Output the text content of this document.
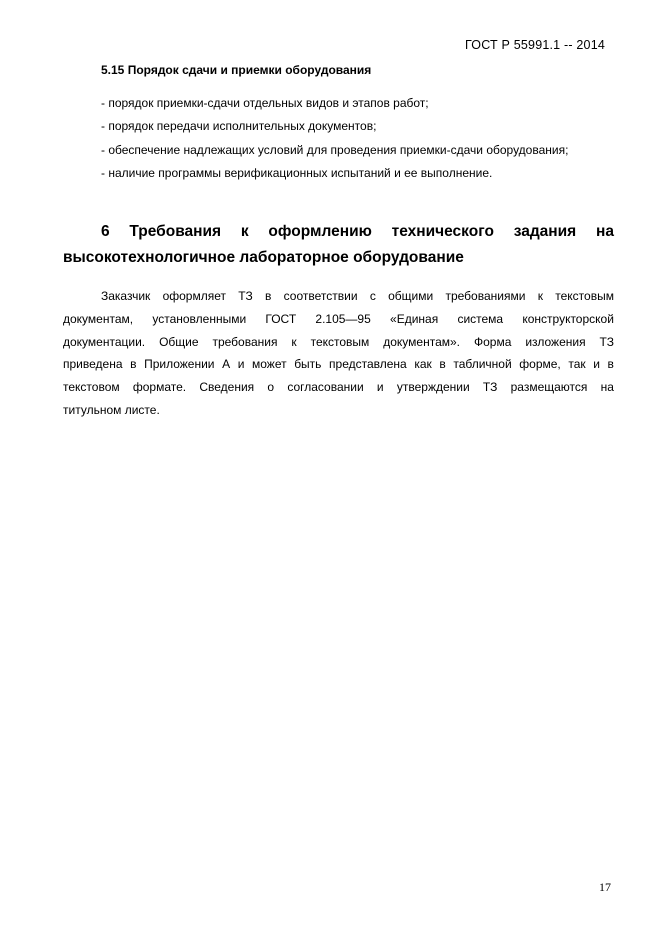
ГОСТ Р 55991.1 -- 2014
5.15 Порядок сдачи и приемки оборудования

- порядок приемки-сдачи отдельных видов и этапов работ;

- порядок передачи исполнительных документов;

- обеспечение надлежащих условий для проведения приемки-сдачи оборудования;

- наличие программы верификационных испытаний и ее выполнение.

6 Требования к оформлению технического задания на
высокотехнологичное лабораторное оборудование
Заказчик оформляет ТЗ в соответствии с общими требованиями к текстовым
документам, установленными ГОСТ 2.105—95 «Единая система конструкторской
документации. Общие требования к текстовым документам». Форма изложения ТЗ
приведена в Приложении А и может быть представлена как в табличной форме, так и в
текстовом формате. Сведения о согласовании и утверждении ТЗ размещаются на
титульном листе.
17
